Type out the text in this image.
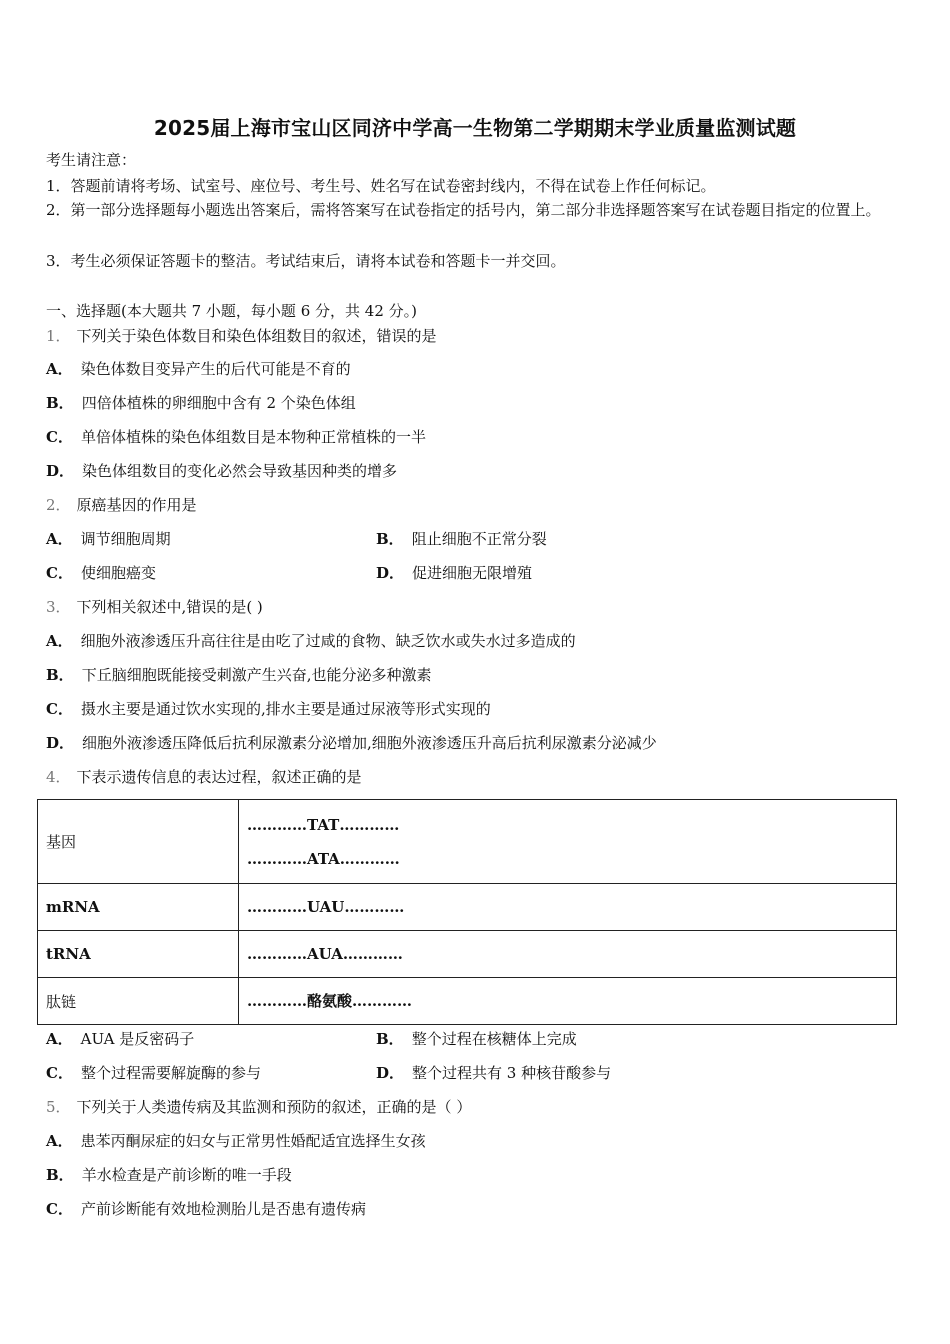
2025届上海市宝山区同济中学高一生物第二学期期末学业质量监测试题
考生请注意：
1．答题前请将考场、试室号、座位号、考生号、姓名写在试卷密封线内，不得在试卷上作任何标记。
2．第一部分选择题每小题选出答案后，需将答案写在试卷指定的括号内，第二部分非选择题答案写在试卷题目指定的位置上。
3．考生必须保证答题卡的整洁。考试结束后，请将本试卷和答题卡一并交回。
一、选择题(本大题共 7 小题，每小题 6 分，共 42 分。)
1． 下列关于染色体数目和染色体组数目的叙述，错误的是
A． 染色体数目变异产生的后代可能是不育的
B． 四倍体植株的卵细胞中含有 2 个染色体组
C． 单倍体植株的染色体组数目是本物种正常植株的一半
D． 染色体组数目的变化必然会导致基因种类的增多
2． 原癌基因的作用是
A． 调节细胞周期	B． 阻止细胞不正常分裂
C． 使细胞癌变	D． 促进细胞无限增殖
3． 下列相关叙述中,错误的是( )
A． 细胞外液渗透压升高往往是由吃了过咸的食物、缺乏饮水或失水过多造成的
B． 下丘脑细胞既能接受刺激产生兴奋,也能分泌多种激素
C． 摄水主要是通过饮水实现的,排水主要是通过尿液等形式实现的
D． 细胞外液渗透压降低后抗利尿激素分泌增加,细胞外液渗透压升高后抗利尿激素分泌减少
4． 下表示遗传信息的表达过程，叙述正确的是
基因	…………TAT…………
…………ATA…………

mRNA	…………UAU…………
tRNA	…………AUA…………
肽链	…………酪氨酸…………
A． AUA 是反密码子	B． 整个过程在核糖体上完成
C． 整个过程需要解旋酶的参与	D． 整个过程共有 3 种核苷酸参与
5． 下列关于人类遗传病及其监测和预防的叙述，正确的是（ ）
A． 患苯丙酮尿症的妇女与正常男性婚配适宜选择生女孩
B． 羊水检查是产前诊断的唯一手段
C． 产前诊断能有效地检测胎儿是否患有遗传病
